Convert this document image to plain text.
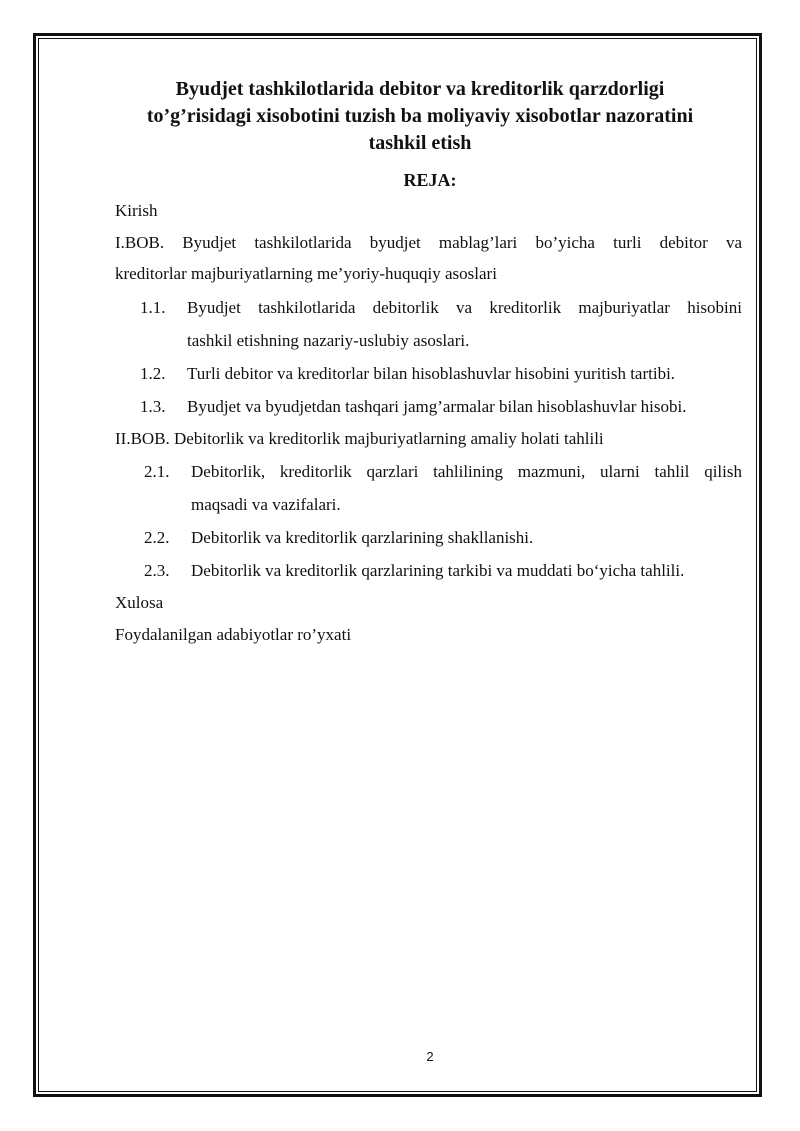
Byudjet tashkilotlarida debitor va kreditorlik qarzdorligi
to’g’risidagi xisobotini tuzish ba moliyaviy xisobotlar nazoratini
tashkil etish
REJA:
Kirish
I.BOB. Byudjet tashkilotlarida byudjet mablag’lari bo’yicha turli debitor va
kreditorlar majburiyatlarning me’yoriy-huquqiy asoslari
1.1. Byudjet tashkilotlarida debitorlik va kreditorlik majburiyatlar hisobini
tashkil etishning nazariy-uslubiy asoslari.
1.2. Turli debitor va kreditorlar bilan hisoblashuvlar hisobini yuritish tartibi.
1.3. Byudjet va byudjetdan tashqari jamg’armalar bilan hisoblashuvlar hisobi.
II.BOB. Debitorlik va kreditorlik majburiyatlarning amaliy holati tahlili
2.1. Debitorlik, kreditorlik qarzlari tahlilining mazmuni, ularni tahlil qilish
maqsadi va vazifalari.
2.2. Debitorlik va kreditorlik qarzlarining shakllanishi.
2.3. Debitorlik va kreditorlik qarzlarining tarkibi va muddati bo‘yicha tahlili.
Xulosa
Foydalanilgan adabiyotlar ro’yxati
2
